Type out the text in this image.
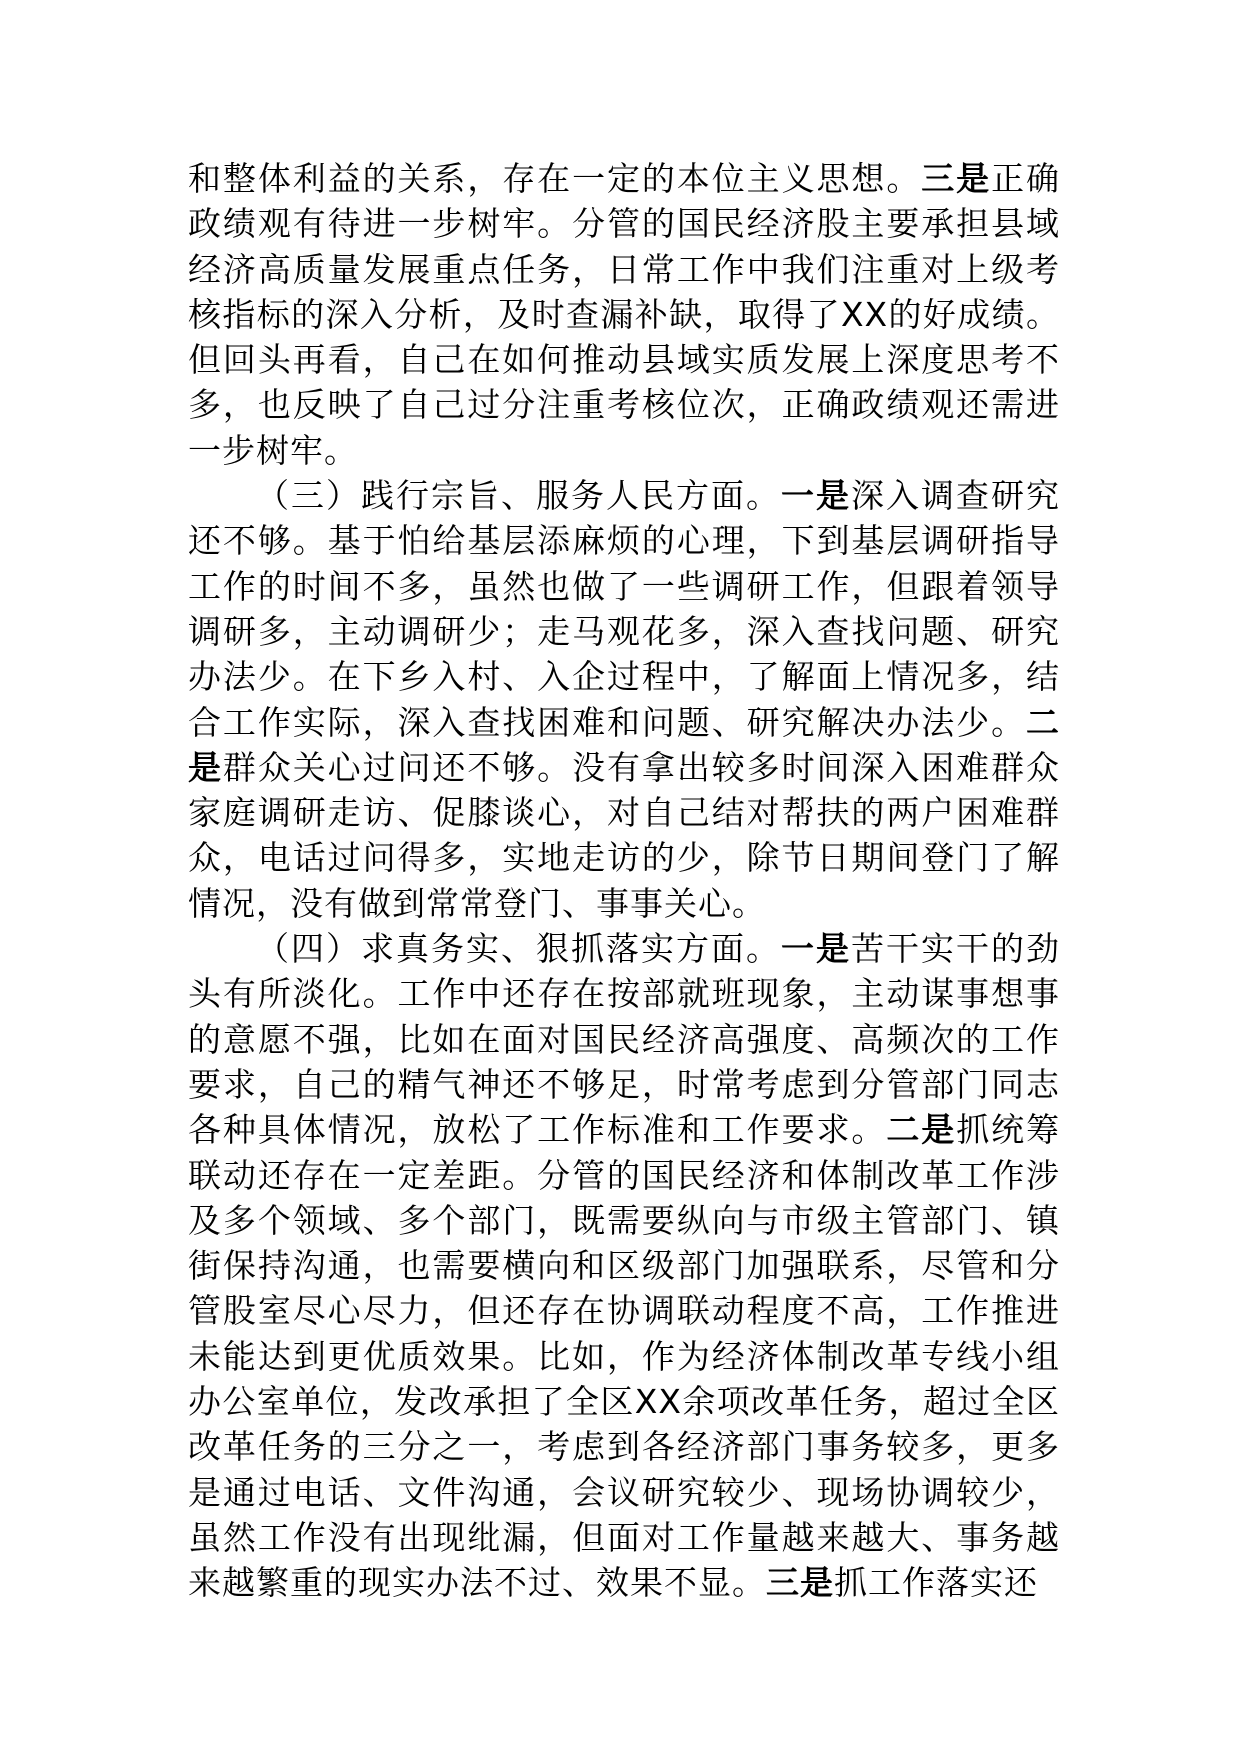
和整体利益的关系，存在一定的本位主义思想。三是正确政绩观有待进一步树牢。分管的国民经济股主要承担县域经济高质量发展重点任务，日常工作中我们注重对上级考核指标的深入分析，及时查漏补缺，取得了XX的好成绩。但回头再看，自己在如何推动县域实质发展上深度思考不多，也反映了自己过分注重考核位次，正确政绩观还需进一步树牢。

（三）践行宗旨、服务人民方面。一是深入调查研究还不够。基于怕给基层添麻烦的心理，下到基层调研指导工作的时间不多，虽然也做了一些调研工作，但跟着领导调研多，主动调研少；走马观花多，深入查找问题、研究办法少。在下乡入村、入企过程中，了解面上情况多，结合工作实际，深入查找困难和问题、研究解决办法少。二是群众关心过问还不够。没有拿出较多时间深入困难群众家庭调研走访、促膝谈心，对自己结对帮扶的两户困难群众，电话过问得多，实地走访的少，除节日期间登门了解情况，没有做到常常登门、事事关心。

（四）求真务实、狠抓落实方面。一是苦干实干的劲头有所淡化。工作中还存在按部就班现象，主动谋事想事的意愿不强，比如在面对国民经济高强度、高频次的工作要求，自己的精气神还不够足，时常考虑到分管部门同志各种具体情况，放松了工作标准和工作要求。二是抓统筹联动还存在一定差距。分管的国民经济和体制改革工作涉及多个领域、多个部门，既需要纵向与市级主管部门、镇街保持沟通，也需要横向和区级部门加强联系，尽管和分管股室尽心尽力，但还存在协调联动程度不高，工作推进未能达到更优质效果。比如，作为经济体制改革专线小组办公室单位，发改承担了全区XX余项改革任务，超过全区改革任务的三分之一，考虑到各经济部门事务较多，更多是通过电话、文件沟通，会议研究较少、现场协调较少，虽然工作没有出现纰漏，但面对工作量越来越大、事务越来越繁重的现实办法不过、效果不显。三是抓工作落实还
